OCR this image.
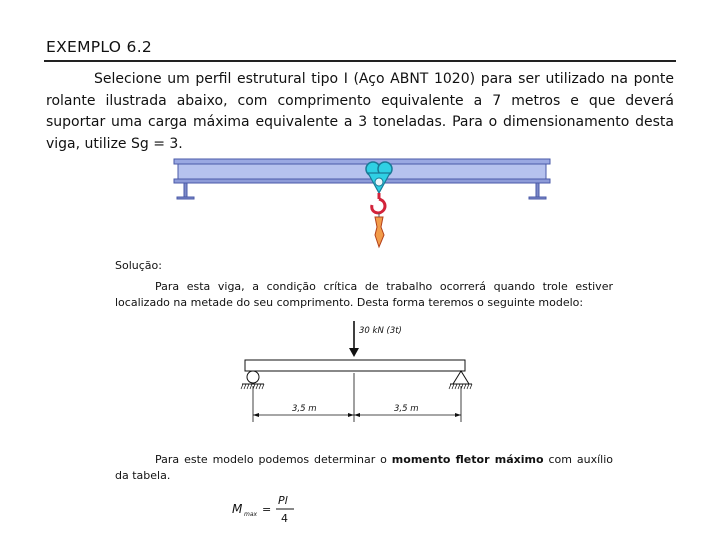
EXEMPLO 6.2

Selecione um perfil estrutural tipo I (Aço ABNT 1020) para ser utilizado na ponte rolante ilustrada abaixo, com comprimento equivalente a 7 metros e que deverá suportar uma carga máxima equivalente a 3 toneladas. Para o dimensionamento desta viga, utilize Sg = 3.

Solução:

Para esta viga, a condição crítica de trabalho ocorrerá quando trole estiver localizado na metade do seu comprimento. Desta forma teremos o seguinte modelo:

30 kN (3t)
3,5 m	3,5 m

Para este modelo podemos determinar o momento fletor máximo com auxílio da tabela.

M max =
Pl
4
